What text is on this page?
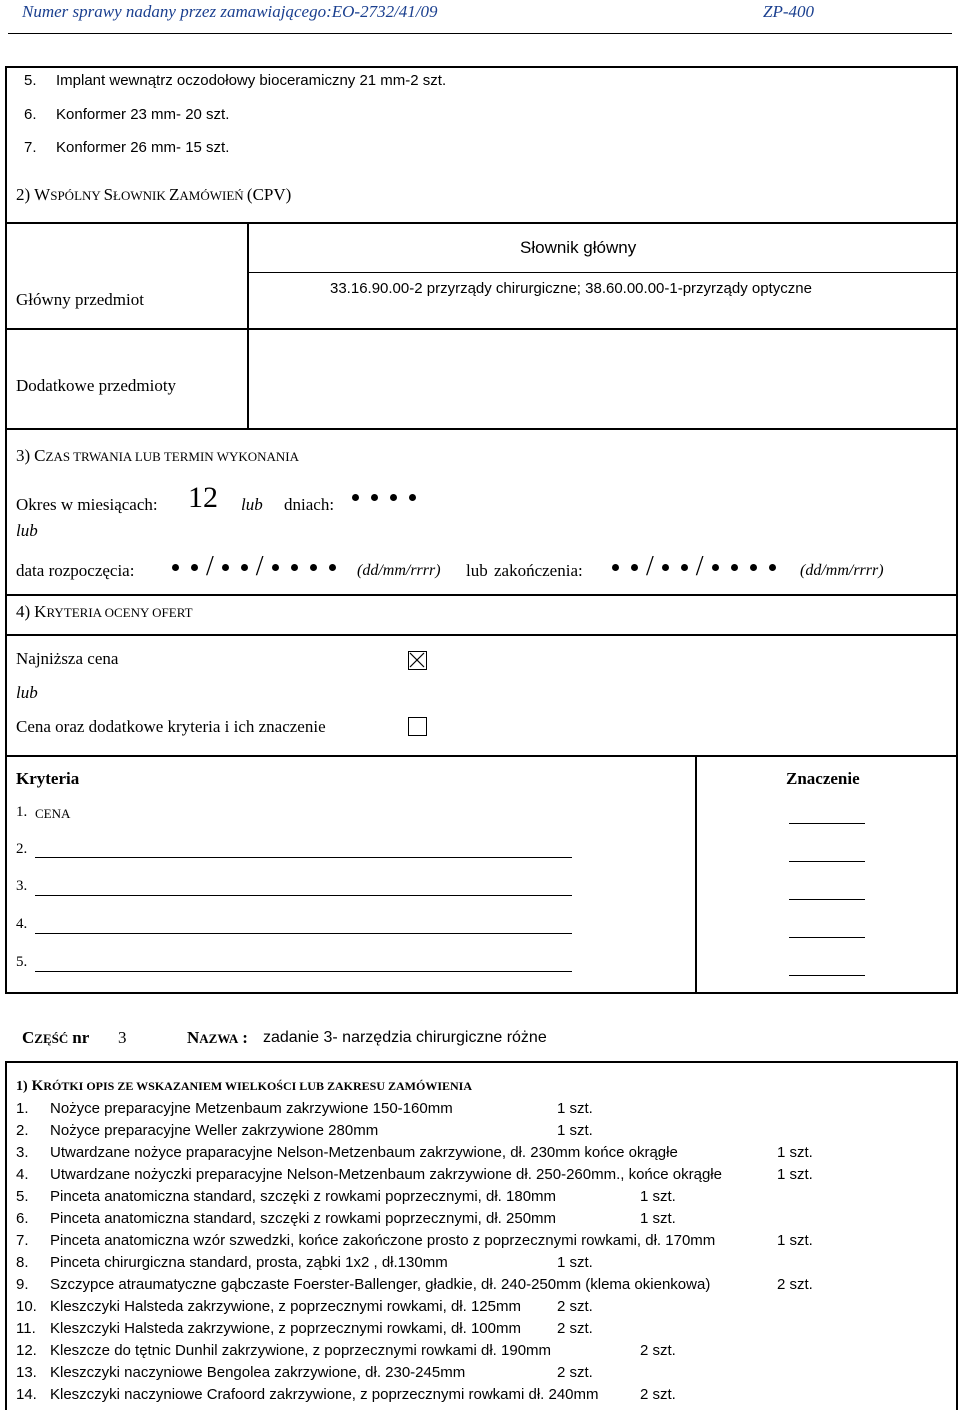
Numer sprawy nadany przez zamawiającego:EO-2732/41/09	ZP-400
5. Implant wewnątrz oczodołowy bioceramiczny 21 mm-2 szt.
6. Konformer 23 mm- 20 szt.
7. Konformer 26 mm- 15 szt.
2) WSPÓLNY SŁOWNIK ZAMÓWIEŃ (CPV)
Słownik główny
Główny przedmiot
33.16.90.00-2 przyrządy chirurgiczne; 38.60.00.00-1-przyrządy optyczne
Dodatkowe przedmioty
3) CZAS TRWANIA LUB TERMIN WYKONANIA
Okres w miesiącach: 12 lub dniach:
lub
data rozpoczęcia:	/ /	(dd/mm/rrrr) lub zakończenia:	/ /	(dd/mm/rrrr)
4) KRYTERIA OCENY OFERT
Najniższa cena
lub
Cena oraz dodatkowe kryteria i ich znaczenie
Kryteria	Znaczenie
1. CENA
2.
3.
4.
5.
CZĘŚĆ nr 3	NAZWA : zadanie 3- narzędzia chirurgiczne różne
1) KRÓTKI OPIS ZE WSKAZANIEM WIELKOŚCI LUB ZAKRESU ZAMÓWIENIA
1. Nożyce preparacyjne Metzenbaum zakrzywione 150-160mm	1 szt.
2. Nożyce preparacyjne Weller zakrzywione 280mm	1 szt.
3. Utwardzane nożyce praparacyjne Nelson-Metzenbaum zakrzywione, dł. 230mm końce okrągłe	1 szt.
4. Utwardzane nożyczki preparacyjne Nelson-Metzenbaum zakrzywione dł. 250-260mm., końce okrągłe	1 szt.
5. Pinceta anatomiczna standard, szczęki z rowkami poprzecznymi, dł. 180mm	1 szt.
6. Pinceta anatomiczna standard, szczęki z rowkami poprzecznymi, dł. 250mm	1 szt.
7. Pinceta anatomiczna wzór szwedzki, końce zakończone prosto z poprzecznymi rowkami, dł. 170mm	1 szt.
8. Pinceta chirurgiczna standard, prosta, ząbki 1x2 , dł.130mm	1 szt.
9. Szczypce atraumatyczne gąbczaste Foerster-Ballenger, gładkie, dł. 240-250mm (klema okienkowa)	2 szt.
10. Kleszczyki Halsteda zakrzywione, z poprzecznymi rowkami, dł. 125mm 2 szt.
11. Kleszczyki Halsteda zakrzywione, z poprzecznymi rowkami, dł. 100mm 2 szt.
12. Kleszcze do tętnic Dunhil zakrzywione, z poprzecznymi rowkami dł. 190mm	2 szt.
13. Kleszczyki naczyniowe Bengolea zakrzywione, dł. 230-245mm	2 szt.
14. Kleszczyki naczyniowe Crafoord zakrzywione, z poprzecznymi rowkami dł. 240mm	2 szt.
